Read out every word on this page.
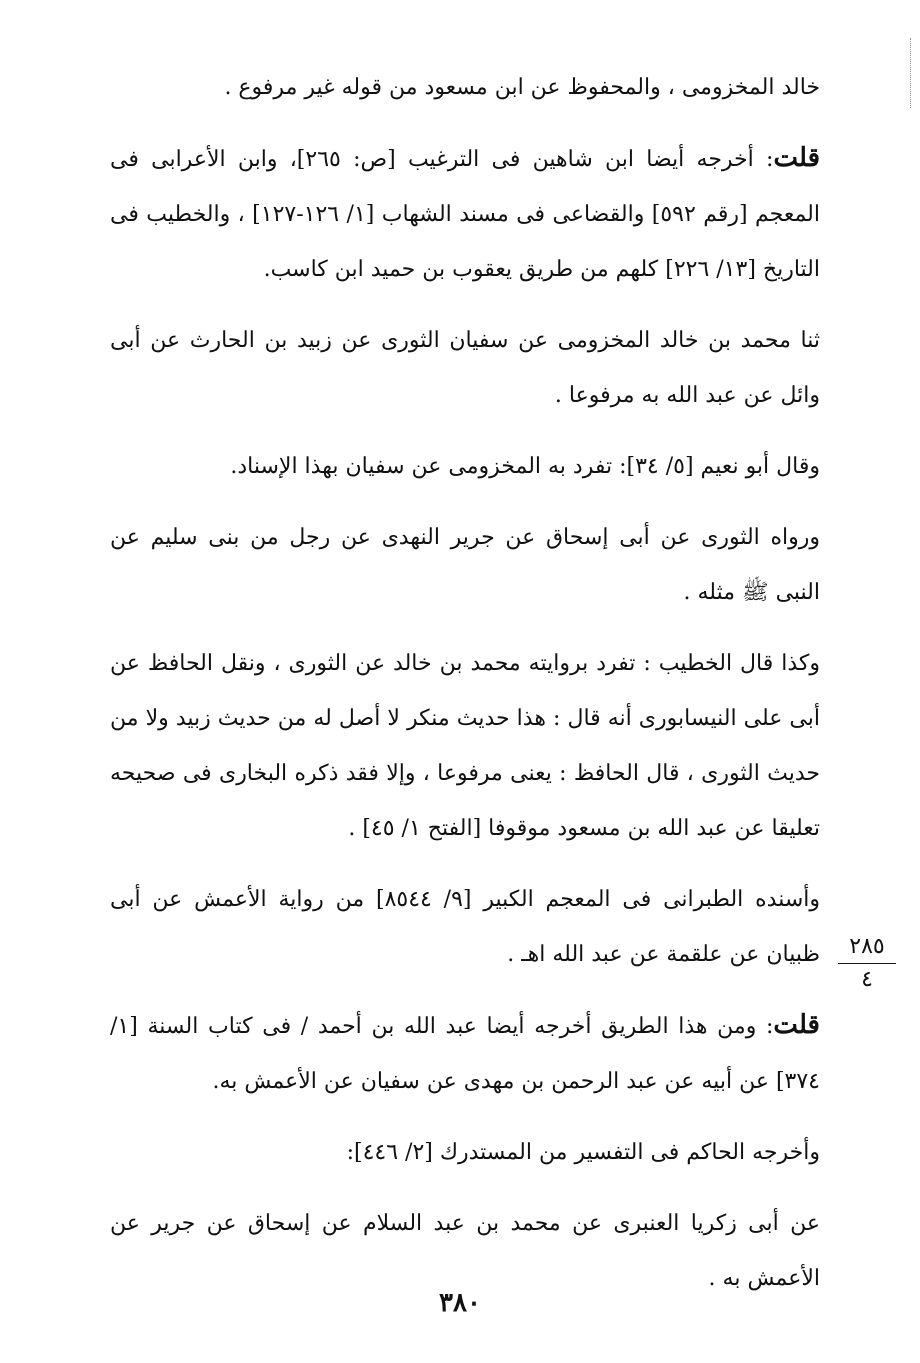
خالد المخزومى ، والمحفوظ عن ابن مسعود من قوله غير مرفوع .

قلت: أخرجه أيضا ابن شاهين فى الترغيب [ص: ٢٦٥]، وابن الأعرابى فى المعجم [رقم ٥٩٢] والقضاعى فى مسند الشهاب [١/ ١٢٦-١٢٧] ، والخطيب فى التاريخ [١٣/ ٢٢٦] كلهم من طريق يعقوب بن حميد ابن كاسب.

ثنا محمد بن خالد المخزومى عن سفيان الثورى عن زبيد بن الحارث عن أبى وائل عن عبد الله به مرفوعا .

وقال أبو نعيم [٥/ ٣٤]: تفرد به المخزومى عن سفيان بهذا الإسناد.

ورواه الثورى عن أبى إسحاق عن جرير النهدى عن رجل من بنى سليم عن النبى ﷺ مثله .

وكذا قال الخطيب : تفرد بروايته محمد بن خالد عن الثورى ، ونقل الحافظ عن أبى على النيسابورى أنه قال : هذا حديث منكر لا أصل له من حديث زبيد ولا من حديث الثورى ، قال الحافظ : يعنى مرفوعا ، وإلا فقد ذكره البخارى فى صحيحه تعليقا عن عبد الله بن مسعود موقوفا [الفتح ١/ ٤٥] .

وأسنده الطبرانى فى المعجم الكبير [٩/ ٨٥٤٤] من رواية الأعمش عن أبى ظبيان عن علقمة عن عبد الله اهـ .

قلت: ومن هذا الطريق أخرجه أيضا عبد الله بن أحمد / فى كتاب السنة [١/ ٣٧٤] عن أبيه عن عبد الرحمن بن مهدى عن سفيان عن الأعمش به.

وأخرجه الحاكم فى التفسير من المستدرك [٢/ ٤٤٦]:

عن أبى زكريا العنبرى عن محمد بن عبد السلام عن إسحاق عن جرير عن الأعمش به .

٢٨٥
٤
٣٨٠
